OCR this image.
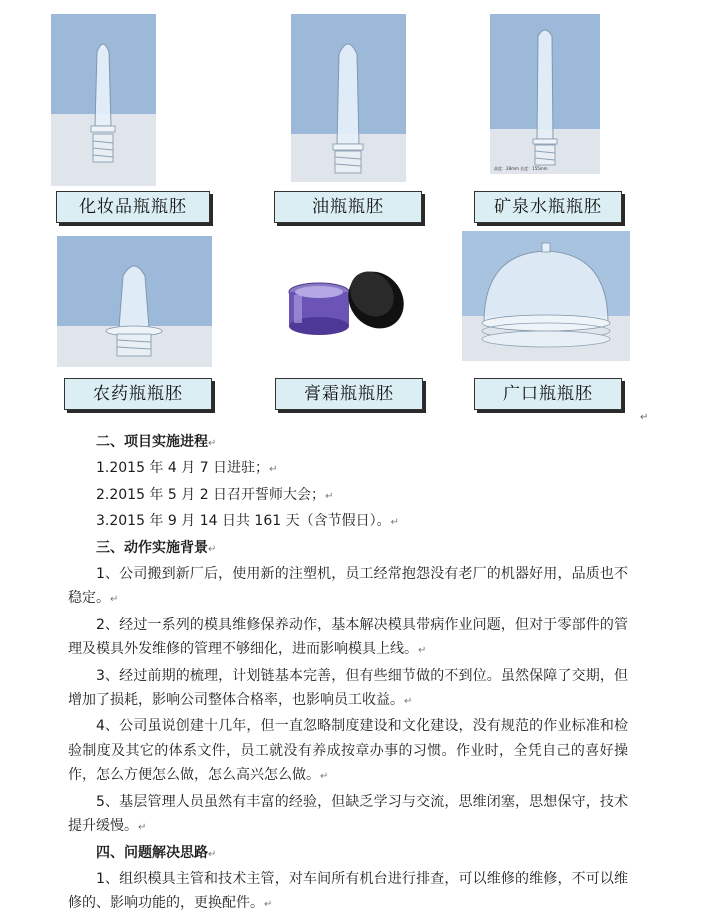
高度：28mm 长度：155mm
化妆品瓶瓶胚	油瓶瓶胚	矿泉水瓶瓶胚
农药瓶瓶胚	膏霜瓶瓶胚	广口瓶瓶胚
↵

二、项目实施进程↵

1.2015 年 4 月 7 日进驻；↵

2.2015 年 5 月 2 日召开誓师大会；↵

3.2015 年 9 月 14 日共 161 天（含节假日）。↵

三、动作实施背景↵

1、公司搬到新厂后，使用新的注塑机，员工经常抱怨没有老厂的机器好用，品质也不稳定。↵

2、经过一系列的模具维修保养动作，基本解决模具带病作业问题，但对于零部件的管理及模具外发维修的管理不够细化，进而影响模具上线。↵

3、经过前期的梳理，计划链基本完善，但有些细节做的不到位。虽然保障了交期，但增加了损耗，影响公司整体合格率，也影响员工收益。↵

4、公司虽说创建十几年，但一直忽略制度建设和文化建设，没有规范的作业标准和检验制度及其它的体系文件，员工就没有养成按章办事的习惯。作业时，全凭自己的喜好操作，怎么方便怎么做，怎么高兴怎么做。↵

5、基层管理人员虽然有丰富的经验，但缺乏学习与交流，思维闭塞，思想保守，技术提升缓慢。↵

四、问题解决思路↵

1、组织模具主管和技术主管，对车间所有机台进行排查，可以维修的维修，不可以维修的、影响功能的，更换配件。↵
